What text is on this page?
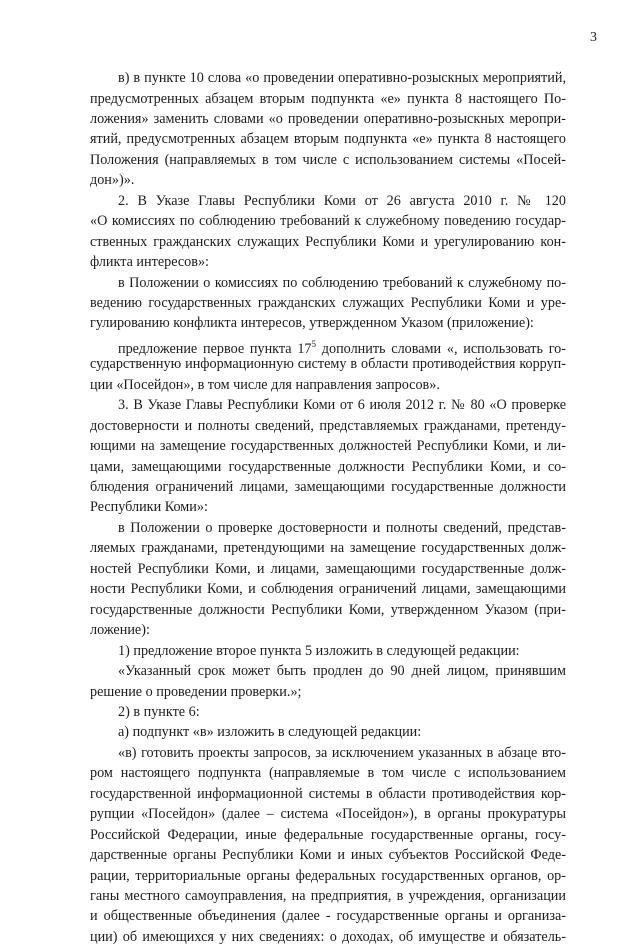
3
в) в пункте 10 слова «о проведении оперативно-розыскных мероприятий,
предусмотренных абзацем вторым подпункта «е» пункта 8 настоящего По-
ложения» заменить словами «о проведении оперативно-розыскных меропри-
ятий, предусмотренных абзацем вторым подпункта «е» пункта 8 настоящего
Положения (направляемых в том числе с использованием системы «Посей-
дон»)».
2. В Указе Главы Республики Коми от 26 августа 2010 г. № 120
«О комиссиях по соблюдению требований к служебному поведению государ-
ственных гражданских служащих Республики Коми и урегулированию кон-
фликта интересов»:
в Положении о комиссиях по соблюдению требований к служебному по-
ведению государственных гражданских служащих Республики Коми и уре-
гулированию конфликта интересов, утвержденном Указом (приложение):
предложение первое пункта $17^5$ дополнить словами «, использовать го-
сударственную информационную систему в области противодействия корруп-
ции «Посейдон», в том числе для направления запросов».
3. В Указе Главы Республики Коми от 6 июля 2012 г. № 80 «О проверке
достоверности и полноты сведений, представляемых гражданами, претенду-
ющими на замещение государственных должностей Республики Коми, и ли-
цами, замещающими государственные должности Республики Коми, и со-
блюдения ограничений лицами, замещающими государственные должности
Республики Коми»:
в Положении о проверке достоверности и полноты сведений, представ-
ляемых гражданами, претендующими на замещение государственных долж-
ностей Республики Коми, и лицами, замещающими государственные долж-
ности Республики Коми, и соблюдения ограничений лицами, замещающими
государственные должности Республики Коми, утвержденном Указом (при-
ложение):
1) предложение второе пункта 5 изложить в следующей редакции:
«Указанный срок может быть продлен до 90 дней лицом, принявшим
решение о проведении проверки.»;
2) в пункте 6:
а) подпункт «в» изложить в следующей редакции:
«в) готовить проекты запросов, за исключением указанных в абзаце вто-
ром настоящего подпункта (направляемые в том числе с использованием
государственной информационной системы в области противодействия кор-
рупции «Посейдон» (далее – система «Посейдон»), в органы прокуратуры
Российской Федерации, иные федеральные государственные органы, госу-
дарственные органы Республики Коми и иных субъектов Российской Феде-
рации, территориальные органы федеральных государственных органов, ор-
ганы местного самоуправления, на предприятия, в учреждения, организации
и общественные объединения (далее - государственные органы и организа-
ции) об имеющихся у них сведениях: о доходах, об имуществе и обязатель-
